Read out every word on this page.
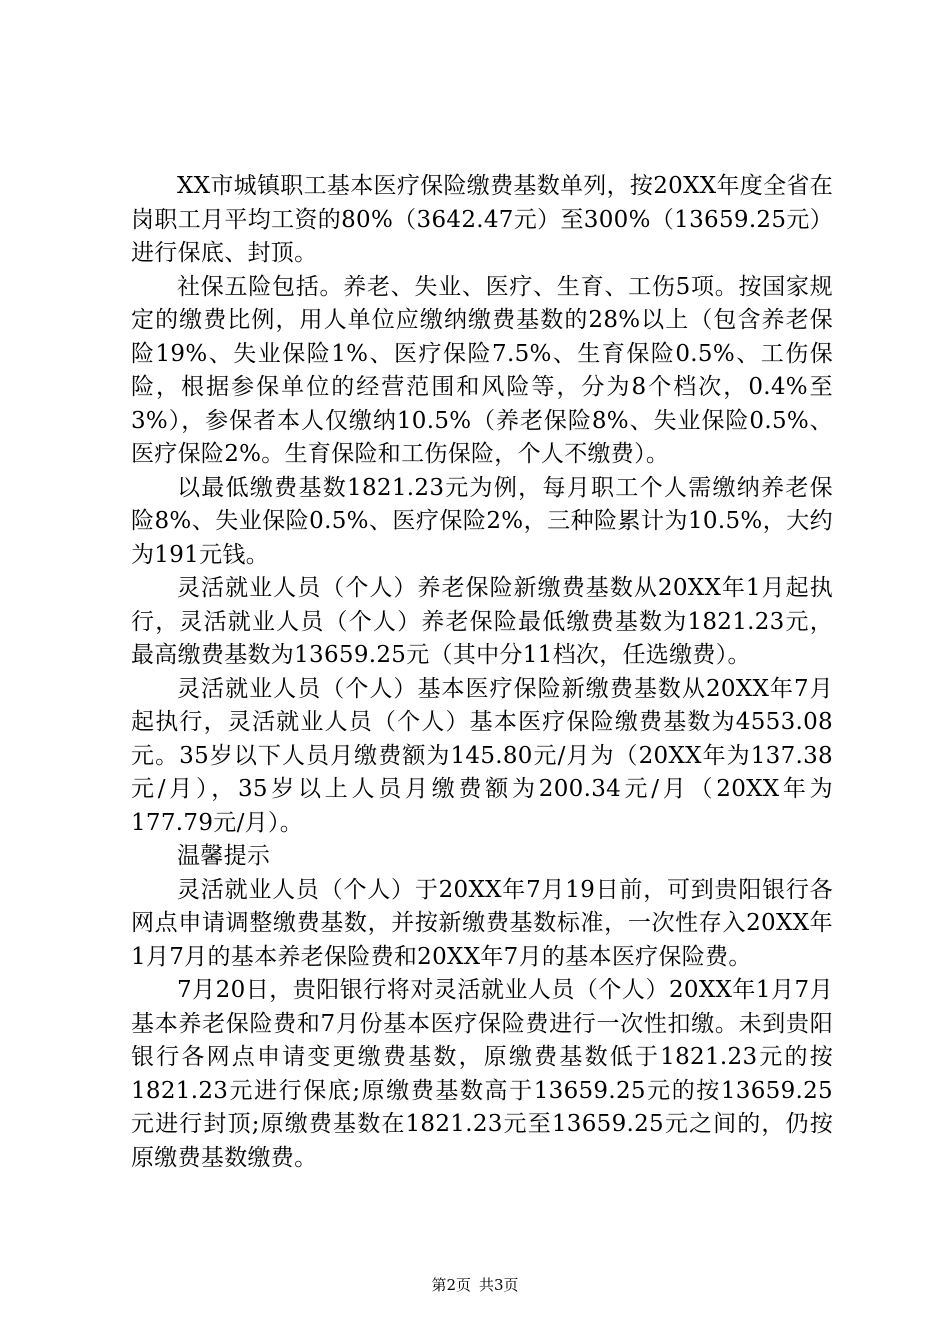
XX市城镇职工基本医疗保险缴费基数单列，按20XX年度全省在岗职工月平均工资的80%（3642.47元）至300%（13659.25元）进行保底、封顶。

社保五险包括。养老、失业、医疗、生育、工伤5项。按国家规定的缴费比例，用人单位应缴纳缴费基数的28%以上（包含养老保险19%、失业保险1%、医疗保险7.5%、生育保险0.5%、工伤保险，根据参保单位的经营范围和风险等，分为8个档次，0.4%至3%），参保者本人仅缴纳10.5%（养老保险8%、失业保险0.5%、医疗保险2%。生育保险和工伤保险，个人不缴费）。

以最低缴费基数1821.23元为例，每月职工个人需缴纳养老保险8%、失业保险0.5%、医疗保险2%，三种险累计为10.5%，大约为191元钱。

灵活就业人员（个人）养老保险新缴费基数从20XX年1月起执行，灵活就业人员（个人）养老保险最低缴费基数为1821.23元，最高缴费基数为13659.25元（其中分11档次，任选缴费）。

灵活就业人员（个人）基本医疗保险新缴费基数从20XX年7月起执行，灵活就业人员（个人）基本医疗保险缴费基数为4553.08元。35岁以下人员月缴费额为145.80元/月为（20XX年为137.38元/月），35岁以上人员月缴费额为200.34元/月（20XX年为177.79元/月）。

温馨提示

灵活就业人员（个人）于20XX年7月19日前，可到贵阳银行各网点申请调整缴费基数，并按新缴费基数标准，一次性存入20XX年1月7月的基本养老保险费和20XX年7月的基本医疗保险费。

7月20日，贵阳银行将对灵活就业人员（个人）20XX年1月7月基本养老保险费和7月份基本医疗保险费进行一次性扣缴。未到贵阳银行各网点申请变更缴费基数，原缴费基数低于1821.23元的按1821.23元进行保底;原缴费基数高于13659.25元的按13659.25元进行封顶;原缴费基数在1821.23元至13659.25元之间的，仍按原缴费基数缴费。

第2页 共3页
